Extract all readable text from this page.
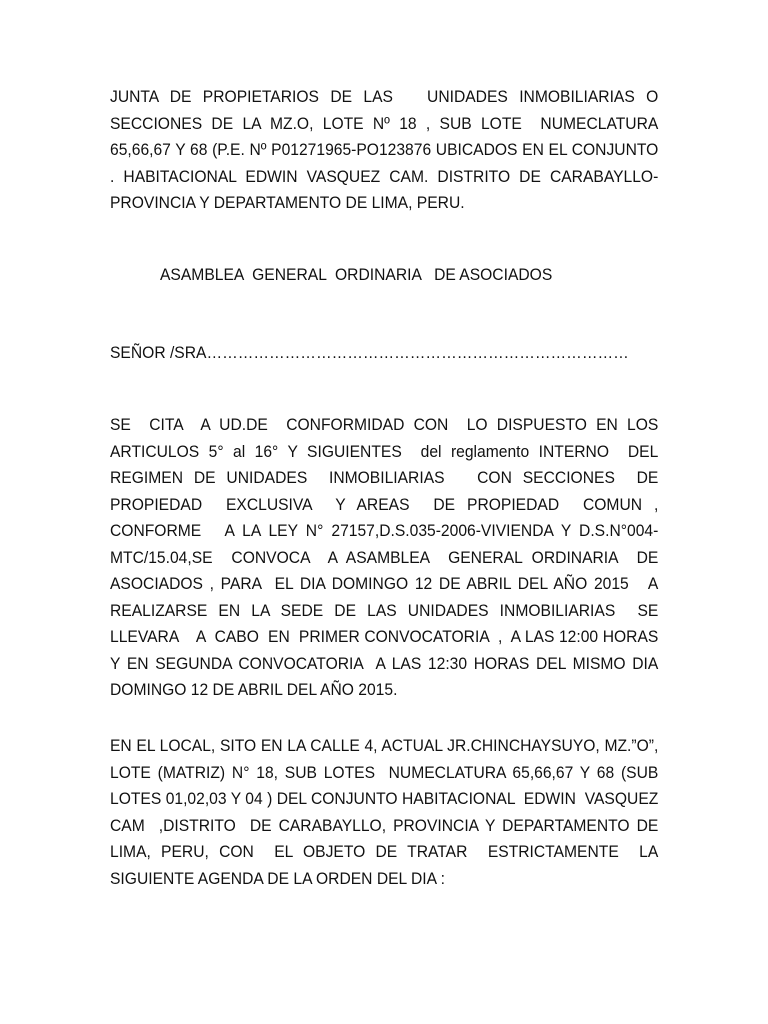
JUNTA DE PROPIETARIOS DE LAS   UNIDADES INMOBILIARIAS O SECCIONES DE LA MZ.O, LOTE Nº 18 , SUB LOTE  NUMECLATURA 65,66,67 Y 68 (P.E. Nº P01271965-PO123876 UBICADOS EN EL CONJUNTO . HABITACIONAL EDWIN VASQUEZ CAM. DISTRITO DE CARABAYLLO- PROVINCIA Y DEPARTAMENTO DE LIMA, PERU.

ASAMBLEA  GENERAL  ORDINARIA   DE ASOCIADOS
SEÑOR /SRA………………………………………………………………………

SE  CITA  A UD.DE  CONFORMIDAD CON  LO DISPUESTO EN LOS ARTICULOS 5° al 16° Y SIGUIENTES  del reglamento INTERNO  DEL REGIMEN DE UNIDADES  INMOBILIARIAS   CON SECCIONES  DE PROPIEDAD  EXCLUSIVA  Y AREAS  DE PROPIEDAD  COMUN , CONFORME   A LA LEY N° 27157,D.S.035-2006-VIVIENDA Y D.S.N°004-MTC/15.04,SE  CONVOCA  A ASAMBLEA  GENERAL ORDINARIA  DE ASOCIADOS , PARA  EL DIA DOMINGO 12 DE ABRIL DEL AÑO 2015   A REALIZARSE EN LA SEDE DE LAS UNIDADES INMOBILIARIAS  SE  LLEVARA    A  CABO  EN  PRIMER CONVOCATORIA  ,  A LAS 12:00 HORAS Y EN SEGUNDA CONVOCATORIA  A LAS 12:30 HORAS DEL MISMO DIA DOMINGO 12 DE ABRIL DEL AÑO 2015.

EN EL LOCAL, SITO EN LA CALLE 4, ACTUAL JR.CHINCHAYSUYO, MZ.”O”, LOTE (MATRIZ) N° 18, SUB LOTES  NUMECLATURA 65,66,67 Y 68 (SUB LOTES 01,02,03 Y 04 ) DEL CONJUNTO HABITACIONAL  EDWIN  VASQUEZ  CAM  ,DISTRITO  DE CARABAYLLO, PROVINCIA Y DEPARTAMENTO DE LIMA, PERU, CON  EL OBJETO DE TRATAR  ESTRICTAMENTE  LA SIGUIENTE AGENDA DE LA ORDEN DEL DIA :
